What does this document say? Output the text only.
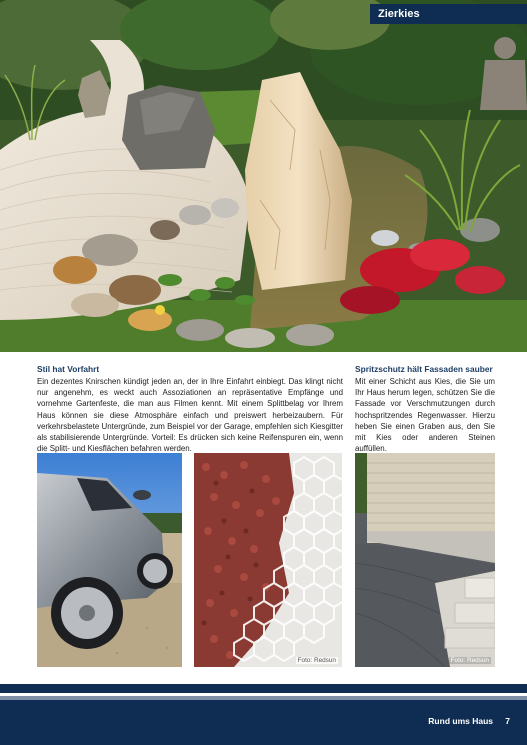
Zierkies
Stil hat Vorfahrt

Ein dezentes Knirschen kündigt jeden an, der in Ihre Einfahrt einbiegt. Das klingt nicht nur angenehm, es weckt auch Assoziationen an repräsentative Empfänge und vornehme Gartenfeste, die man aus Filmen kennt. Mit einem Splittbelag vor Ihrem Haus können sie diese Atmosphäre einfach und preiswert herbeizaubern. Für verkehrsbelastete Untergründe, zum Beispiel vor der Garage, empfehlen sich Kiesgitter als stabilisierende Untergründe. Vorteil: Es drücken sich keine Reifenspuren ein, wenn die Splitt- und Kiesflächen befahren werden.

Spritzschutz hält Fassaden sauber

Mit einer Schicht aus Kies, die Sie um Ihr Haus herum legen, schützen Sie die Fassade vor Verschmutzungen durch hochspritzendes Regenwasser. Hierzu heben Sie einen Graben aus, den Sie mit Kies oder anderen Steinen auffüllen.

Foto: Redsun	Foto: Redsun
Rund ums Haus 7
